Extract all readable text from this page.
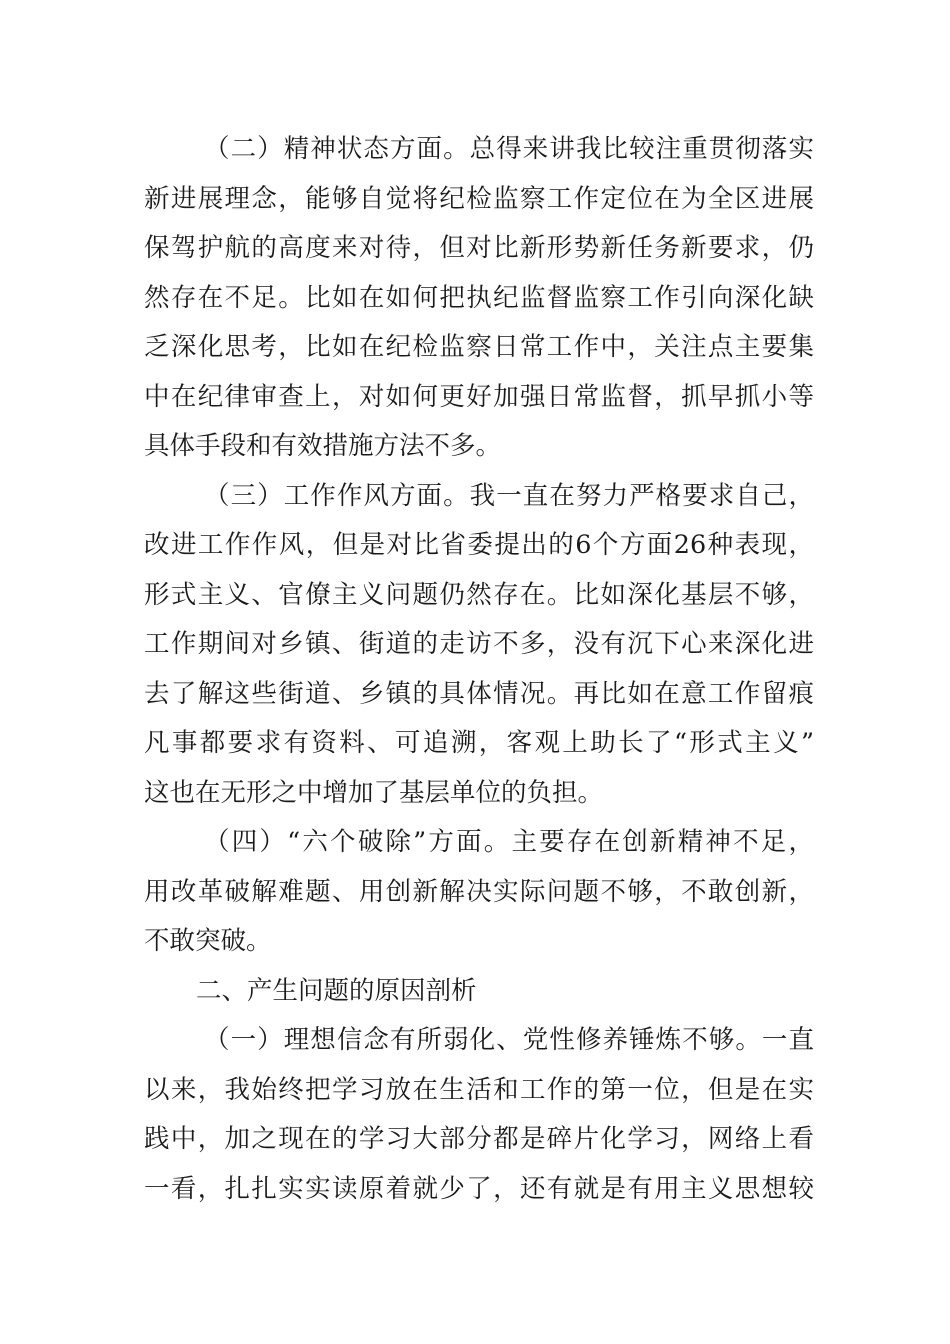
（二）精神状态方面。总得来讲我比较注重贯彻落实
新进展理念，能够自觉将纪检监察工作定位在为全区进展
保驾护航的高度来对待，但对比新形势新任务新要求，仍
然存在不足。比如在如何把执纪监督监察工作引向深化缺
乏深化思考，比如在纪检监察日常工作中，关注点主要集
中在纪律审查上，对如何更好加强日常监督，抓早抓小等
具体手段和有效措施方法不多。
（三）工作作风方面。我一直在努力严格要求自己，
改进工作作风，但是对比省委提出的6个方面26种表现，
形式主义、官僚主义问题仍然存在。比如深化基层不够，
工作期间对乡镇、街道的走访不多，没有沉下心来深化进
去了解这些街道、乡镇的具体情况。再比如在意工作留痕
凡事都要求有资料、可追溯，客观上助长了“形式主义”
这也在无形之中增加了基层单位的负担。
（四）“六个破除”方面。主要存在创新精神不足，
用改革破解难题、用创新解决实际问题不够，不敢创新，
不敢突破。
二、产生问题的原因剖析
（一）理想信念有所弱化、党性修养锤炼不够。一直
以来，我始终把学习放在生活和工作的第一位，但是在实
践中，加之现在的学习大部分都是碎片化学习，网络上看
一看，扎扎实实读原着就少了，还有就是有用主义思想较
